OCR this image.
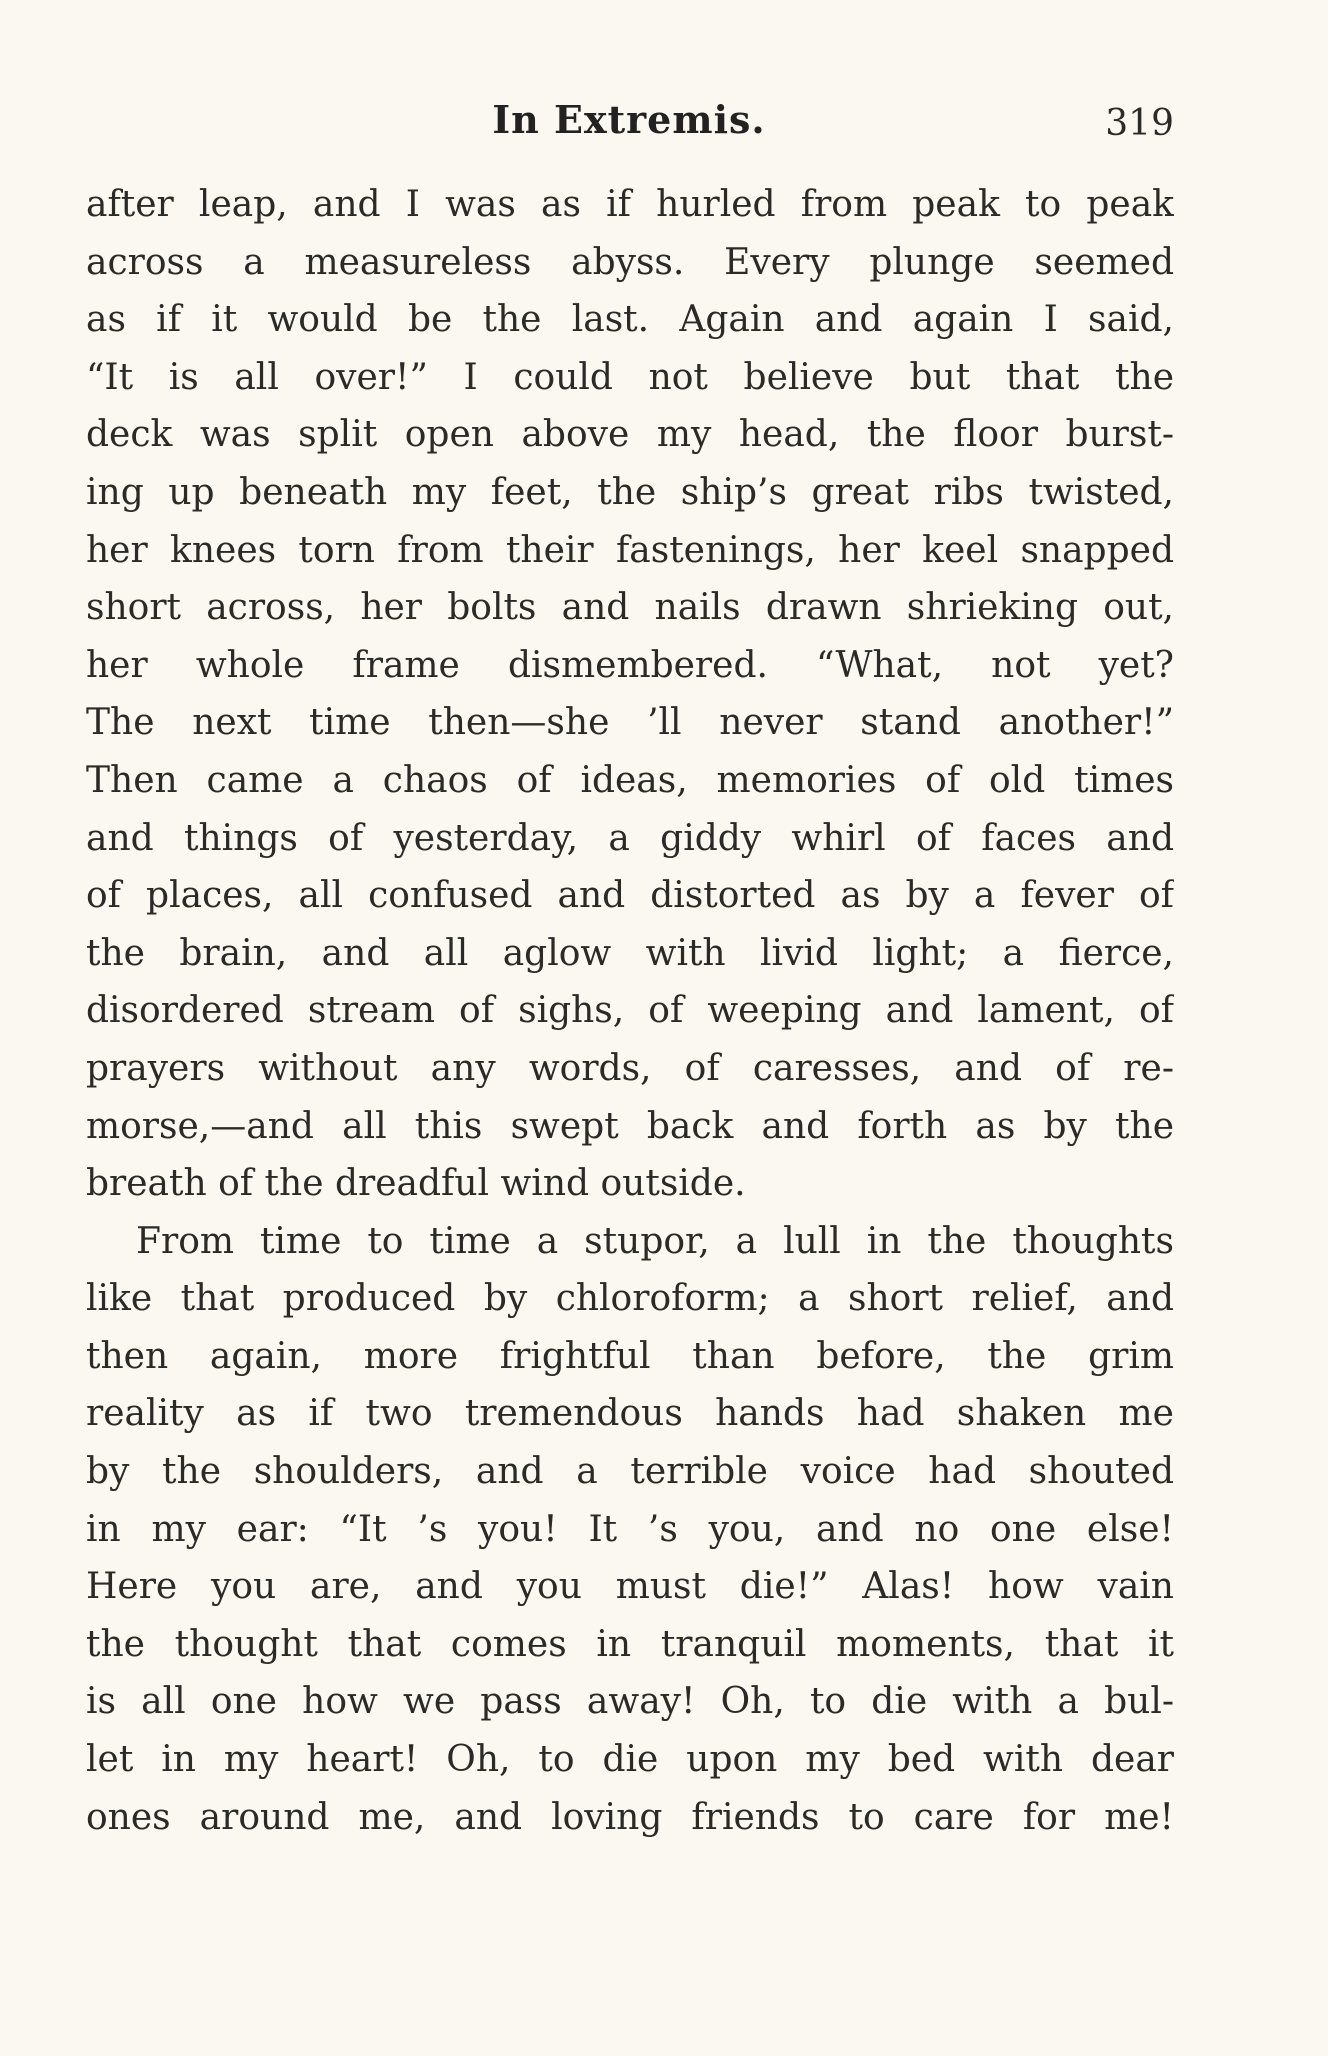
In Extremis.	319
after leap, and I was as if hurled from peak to peak
across a measureless abyss. Every plunge seemed
as if it would be the last. Again and again I said,
“It is all over!” I could not believe but that the
deck was split open above my head, the floor burst-
ing up beneath my feet, the ship’s great ribs twisted,
her knees torn from their fastenings, her keel snapped
short across, her bolts and nails drawn shrieking out,
her whole frame dismembered. “What, not yet?
The next time then—she ’ll never stand another!”
Then came a chaos of ideas, memories of old times
and things of yesterday, a giddy whirl of faces and
of places, all confused and distorted as by a fever of
the brain, and all aglow with livid light; a fierce,
disordered stream of sighs, of weeping and lament, of
prayers without any words, of caresses, and of re-
morse,—and all this swept back and forth as by the
breath of the dreadful wind outside.
From time to time a stupor, a lull in the thoughts
like that produced by chloroform; a short relief, and
then again, more frightful than before, the grim
reality as if two tremendous hands had shaken me
by the shoulders, and a terrible voice had shouted
in my ear: “It ’s you! It ’s you, and no one else!
Here you are, and you must die!” Alas! how vain
the thought that comes in tranquil moments, that it
is all one how we pass away! Oh, to die with a bul-
let in my heart! Oh, to die upon my bed with dear
ones around me, and loving friends to care for me!
